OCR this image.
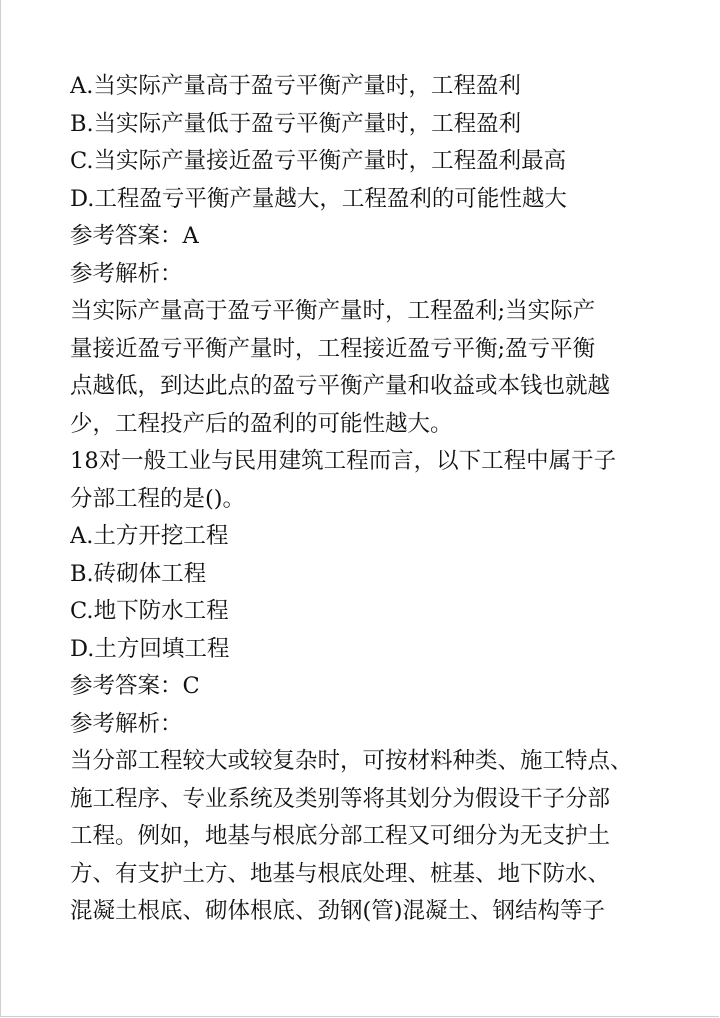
A.当实际产量高于盈亏平衡产量时，工程盈利
B.当实际产量低于盈亏平衡产量时，工程盈利
C.当实际产量接近盈亏平衡产量时，工程盈利最高
D.工程盈亏平衡产量越大，工程盈利的可能性越大
参考答案：A
参考解析：
当实际产量高于盈亏平衡产量时，工程盈利;当实际产
量接近盈亏平衡产量时，工程接近盈亏平衡;盈亏平衡
点越低，到达此点的盈亏平衡产量和收益或本钱也就越
少，工程投产后的盈利的可能性越大。
18对一般工业与民用建筑工程而言，以下工程中属于子
分部工程的是()。
A.土方开挖工程
B.砖砌体工程
C.地下防水工程
D.土方回填工程
参考答案：C
参考解析：
当分部工程较大或较复杂时，可按材料种类、施工特点、
施工程序、专业系统及类别等将其划分为假设干子分部
工程。例如，地基与根底分部工程又可细分为无支护土
方、有支护土方、地基与根底处理、桩基、地下防水、
混凝土根底、砌体根底、劲钢(管)混凝土、钢结构等子
